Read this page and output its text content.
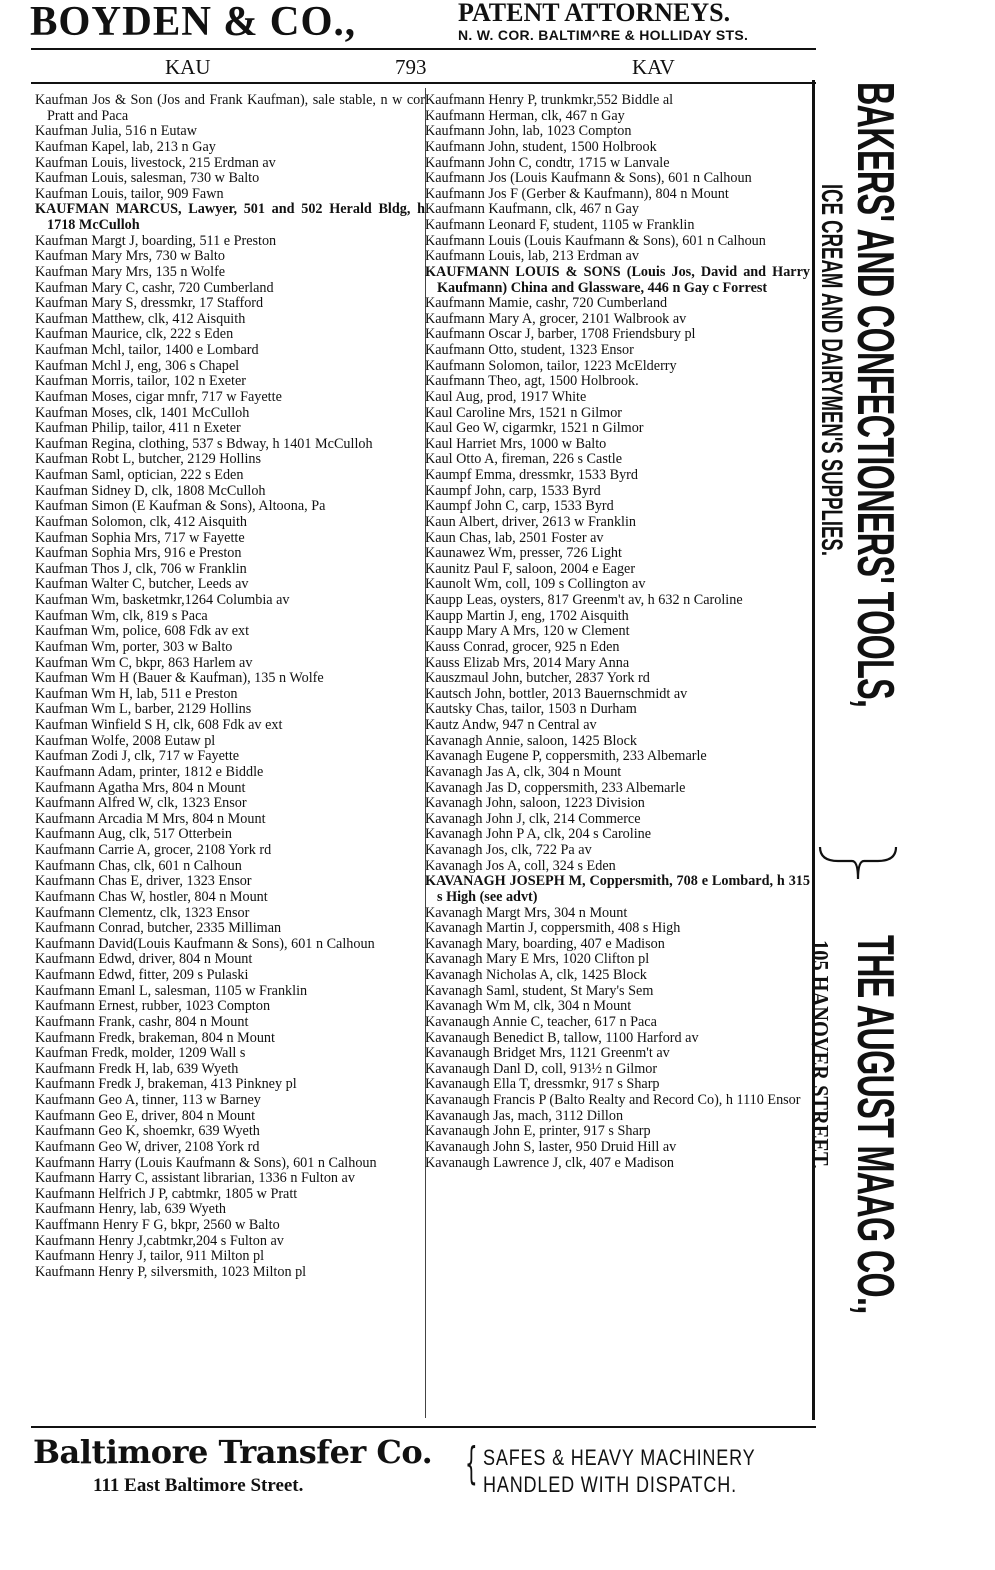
BOYDEN & CO.,	PATENT ATTORNEYS.
N. W. COR. BALTIM^RE & HOLLIDAY STS.
KAU	793	KAV
Kaufman Jos & Son (Jos and Frank Kaufman), sale stable, n w cor Pratt and Paca
Kaufman Julia, 516 n Eutaw
Kaufman Kapel, lab, 213 n Gay
Kaufman Louis, livestock, 215 Erdman av
Kaufman Louis, salesman, 730 w Balto
Kaufman Louis, tailor, 909 Fawn
KAUFMAN MARCUS, Lawyer, 501 and 502 Herald Bldg, h 1718 McCulloh
Kaufman Margt J, boarding, 511 e Preston
Kaufman Mary Mrs, 730 w Balto
Kaufman Mary Mrs, 135 n Wolfe
Kaufman Mary C, cashr, 720 Cumberland
Kaufman Mary S, dressmkr, 17 Stafford
Kaufman Matthew, clk, 412 Aisquith
Kaufman Maurice, clk, 222 s Eden
Kaufman Mchl, tailor, 1400 e Lombard
Kaufman Mchl J, eng, 306 s Chapel
Kaufman Morris, tailor, 102 n Exeter
Kaufman Moses, cigar mnfr, 717 w Fayette
Kaufman Moses, clk, 1401 McCulloh
Kaufman Philip, tailor, 411 n Exeter
Kaufman Regina, clothing, 537 s Bdway, h 1401 McCulloh
Kaufman Robt L, butcher, 2129 Hollins
Kaufman Saml, optician, 222 s Eden
Kaufman Sidney D, clk, 1808 McCulloh
Kaufman Simon (E Kaufman & Sons), Altoona, Pa
Kaufman Solomon, clk, 412 Aisquith
Kaufman Sophia Mrs, 717 w Fayette
Kaufman Sophia Mrs, 916 e Preston
Kaufman Thos J, clk, 706 w Franklin
Kaufman Walter C, butcher, Leeds av
Kaufman Wm, basketmkr,1264 Columbia av
Kaufman Wm, clk, 819 s Paca
Kaufman Wm, police, 608 Fdk av ext
Kaufman Wm, porter, 303 w Balto
Kaufman Wm C, bkpr, 863 Harlem av
Kaufman Wm H (Bauer & Kaufman), 135 n Wolfe
Kaufman Wm H, lab, 511 e Preston
Kaufman Wm L, barber, 2129 Hollins
Kaufman Winfield S H, clk, 608 Fdk av ext
Kaufman Wolfe, 2008 Eutaw pl
Kaufman Zodi J, clk, 717 w Fayette
Kaufmann Adam, printer, 1812 e Biddle
Kaufmann Agatha Mrs, 804 n Mount
Kaufmann Alfred W, clk, 1323 Ensor
Kaufmann Arcadia M Mrs, 804 n Mount
Kaufmann Aug, clk, 517 Otterbein
Kaufmann Carrie A, grocer, 2108 York rd
Kaufmann Chas, clk, 601 n Calhoun
Kaufmann Chas E, driver, 1323 Ensor
Kaufmann Chas W, hostler, 804 n Mount
Kaufmann Clementz, clk, 1323 Ensor
Kaufmann Conrad, butcher, 2335 Milliman
Kaufmann David(Louis Kaufmann & Sons), 601 n Calhoun
Kaufmann Edwd, driver, 804 n Mount
Kaufmann Edwd, fitter, 209 s Pulaski
Kaufmann Emanl L, salesman, 1105 w Franklin
Kaufmann Ernest, rubber, 1023 Compton
Kaufmann Frank, cashr, 804 n Mount
Kaufmann Fredk, brakeman, 804 n Mount
Kaufman Fredk, molder, 1209 Wall s
Kaufmann Fredk H, lab, 639 Wyeth
Kaufmann Fredk J, brakeman, 413 Pinkney pl
Kaufmann Geo A, tinner, 113 w Barney
Kaufmann Geo E, driver, 804 n Mount
Kaufmann Geo K, shoemkr, 639 Wyeth
Kaufmann Geo W, driver, 2108 York rd
Kaufmann Harry (Louis Kaufmann & Sons), 601 n Calhoun
Kaufmann Harry C, assistant librarian, 1336 n Fulton av
Kaufmann Helfrich J P, cabtmkr, 1805 w Pratt
Kaufmann Henry, lab, 639 Wyeth
Kauffmann Henry F G, bkpr, 2560 w Balto
Kaufmann Henry J,cabtmkr,204 s Fulton av
Kaufmann Henry J, tailor, 911 Milton pl
Kaufmann Henry P, silversmith, 1023 Milton pl
Kaufmann Henry P, trunkmkr,552 Biddle al
Kaufmann Herman, clk, 467 n Gay
Kaufmann John, lab, 1023 Compton
Kaufmann John, student, 1500 Holbrook
Kaufmann John C, condtr, 1715 w Lanvale
Kaufmann Jos (Louis Kaufmann & Sons), 601 n Calhoun
Kaufmann Jos F (Gerber & Kaufmann), 804 n Mount
Kaufmann Kaufmann, clk, 467 n Gay
Kaufmann Leonard F, student, 1105 w Franklin
Kaufmann Louis (Louis Kaufmann & Sons), 601 n Calhoun
Kaufmann Louis, lab, 213 Erdman av
KAUFMANN LOUIS & SONS (Louis Jos, David and Harry Kaufmann) China and Glassware, 446 n Gay c Forrest
Kaufmann Mamie, cashr, 720 Cumberland
Kaufmann Mary A, grocer, 2101 Walbrook av
Kaufmann Oscar J, barber, 1708 Friendsbury pl
Kaufmann Otto, student, 1323 Ensor
Kaufmann Solomon, tailor, 1223 McElderry
Kaufmann Theo, agt, 1500 Holbrook.
Kaul Aug, prod, 1917 White
Kaul Caroline Mrs, 1521 n Gilmor
Kaul Geo W, cigarmkr, 1521 n Gilmor
Kaul Harriet Mrs, 1000 w Balto
Kaul Otto A, fireman, 226 s Castle
Kaumpf Emma, dressmkr, 1533 Byrd
Kaumpf John, carp, 1533 Byrd
Kaumpf John C, carp, 1533 Byrd
Kaun Albert, driver, 2613 w Franklin
Kaun Chas, lab, 2501 Foster av
Kaunawez Wm, presser, 726 Light
Kaunitz Paul F, saloon, 2004 e Eager
Kaunolt Wm, coll, 109 s Collington av
Kaupp Leas, oysters, 817 Greenm't av, h 632 n Caroline
Kaupp Martin J, eng, 1702 Aisquith
Kaupp Mary A Mrs, 120 w Clement
Kauss Conrad, grocer, 925 n Eden
Kauss Elizab Mrs, 2014 Mary Anna
Kauszmaul John, butcher, 2837 York rd
Kautsch John, bottler, 2013 Bauernschmidt av
Kautsky Chas, tailor, 1503 n Durham
Kautz Andw, 947 n Central av
Kavanagh Annie, saloon, 1425 Block
Kavanagh Eugene P, coppersmith, 233 Albemarle
Kavanagh Jas A, clk, 304 n Mount
Kavanagh Jas D, coppersmith, 233 Albemarle
Kavanagh John, saloon, 1223 Division
Kavanagh John J, clk, 214 Commerce
Kavanagh John P A, clk, 204 s Caroline
Kavanagh Jos, clk, 722 Pa av
Kavanagh Jos A, coll, 324 s Eden
KAVANAGH JOSEPH M, Coppersmith, 708 e Lombard, h 315 s High (see advt)
Kavanagh Margt Mrs, 304 n Mount
Kavanagh Martin J, coppersmith, 408 s High
Kavanagh Mary, boarding, 407 e Madison
Kavanagh Mary E Mrs, 1020 Clifton pl
Kavanagh Nicholas A, clk, 1425 Block
Kavanagh Saml, student, St Mary's Sem
Kavanagh Wm M, clk, 304 n Mount
Kavanaugh Annie C, teacher, 617 n Paca
Kavanaugh Benedict B, tallow, 1100 Harford av
Kavanaugh Bridget Mrs, 1121 Greenm't av
Kavanaugh Danl D, coll, 913½ n Gilmor
Kavanaugh Ella T, dressmkr, 917 s Sharp
Kavanaugh Francis P (Balto Realty and Record Co), h 1110 Ensor
Kavanaugh Jas, mach, 3112 Dillon
Kavanaugh John E, printer, 917 s Sharp
Kavanaugh John S, laster, 950 Druid Hill av
Kavanaugh Lawrence J, clk, 407 e Madison
BAKERS' AND CONFECTIONERS' TOOLS,
ICE CREAM AND DAIRYMEN'S SUPPLIES.
THE AUGUST MAAG CO.,
105 HANOVER STREET.
Baltimore Transfer Co.
111 East Baltimore Street.	{ SAFES & HEAVY MACHINERY
HANDLED WITH DISPATCH.
